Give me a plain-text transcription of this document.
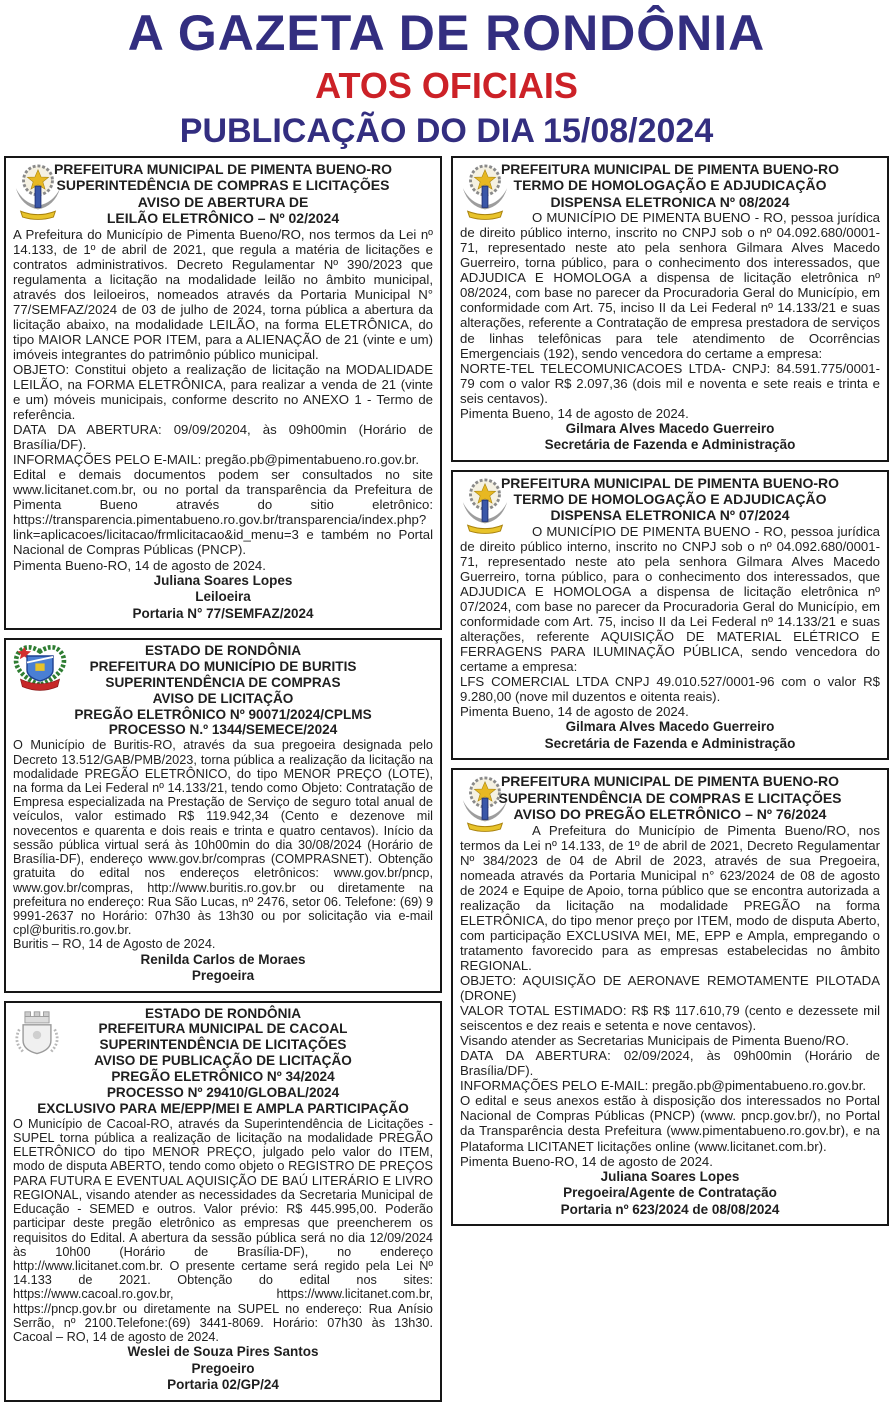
A GAZETA DE RONDÔNIA
ATOS OFICIAIS
PUBLICAÇÃO DO DIA 15/08/2024
PREFEITURA MUNICIPAL DE PIMENTA BUENO-RO
SUPERINTEDÊNCIA DE COMPRAS E LICITAÇÕES
AVISO DE ABERTURA DE
LEILÃO ELETRÔNICO – Nº 02/2024

A Prefeitura do Município de Pimenta Bueno/RO, nos termos da Lei nº 14.133, de 1º de abril de 2021, que regula a matéria de licitações e contratos administrativos. Decreto Regulamentar Nº 390/2023 que regulamenta a licitação na modalidade leilão no âmbito municipal, através dos leiloeiros, nomeados através da Portaria Municipal N° 77/SEMFAZ/2024 de 03 de julho de 2024, torna pública a abertura da licitação abaixo, na modalidade LEILÃO, na forma ELETRÔNICA, do tipo MAIOR LANCE POR ITEM, para a ALIENAÇÃO de 21 (vinte e um) imóveis integrantes do patrimônio público municipal.

OBJETO: Constitui objeto a realização de licitação na MODALIDADE LEILÃO, na FORMA ELETRÔNICA, para realizar a venda de 21 (vinte e um) móveis municipais, conforme descrito no ANEXO 1 - Termo de referência.

DATA DA ABERTURA: 09/09/20204, às 09h00min (Horário de Brasília/DF).

INFORMAÇÕES PELO E-MAIL: pregão.pb@pimentabueno.ro.gov.br.

Edital e demais documentos podem ser consultados no site www.licitanet.com.br, ou no portal da transparência da Prefeitura de Pimenta Bueno através do sitio eletrônico: https://transparencia.pimentabueno.ro.gov.br/transparencia/index.php?link=aplicacoes/licitacao/frmlicitacao&id_menu=3 e também no Portal Nacional de Compras Públicas (PNCP).

Pimenta Bueno-RO, 14 de agosto de 2024.

Juliana Soares Lopes
Leiloeira
Portaria N° 77/SEMFAZ/2024
ESTADO DE RONDÔNIA
PREFEITURA DO MUNICÍPIO DE BURITIS
SUPERINTENDÊNCIA DE COMPRAS
AVISO DE LICITAÇÃO
PREGÃO ELETRÔNICO Nº 90071/2024/CPLMS
PROCESSO N.º 1344/SEMECE/2024

O Município de Buritis-RO, através da sua pregoeira designada pelo Decreto 13.512/GAB/PMB/2023, torna pública a realização da licitação na modalidade PREGÃO ELETRÔNICO, do tipo MENOR PREÇO (LOTE), na forma da Lei Federal nº 14.133/21, tendo como Objeto: Contratação de Empresa especializada na Prestação de Serviço de seguro total anual de veículos, valor estimado R$ 119.942,34 (Cento e dezenove mil novecentos e quarenta e dois reais e trinta e quatro centavos). Início da sessão pública virtual será às 10h00min do dia 30/08/2024 (Horário de Brasília-DF), endereço www.gov.br/compras (COMPRASNET). Obtenção gratuita do edital nos endereços eletrônicos: www.gov.br/pncp, www.gov.br/compras, http://www.buritis.ro.gov.br ou diretamente na prefeitura no endereço: Rua São Lucas, nº 2476, setor 06. Telefone: (69) 9 9991-2637 no Horário: 07h30 às 13h30 ou por solicitação via e-mail cpl@buritis.ro.gov.br.

Buritis – RO, 14 de Agosto de 2024.

Renilda Carlos de Moraes
Pregoeira
ESTADO DE RONDÔNIA
PREFEITURA MUNICIPAL DE CACOAL
SUPERINTENDÊNCIA DE LICITAÇÕES
AVISO DE PUBLICAÇÃO DE LICITAÇÃO
PREGÃO ELETRÔNICO Nº 34/2024
PROCESSO Nº 29410/GLOBAL/2024
EXCLUSIVO PARA ME/EPP/MEI E AMPLA PARTICIPAÇÃO

O Município de Cacoal-RO, através da Superintendência de Licitações - SUPEL torna pública a realização de licitação na modalidade PREGÃO ELETRÔNICO do tipo MENOR PREÇO, julgado pelo valor do ITEM, modo de disputa ABERTO, tendo como objeto o REGISTRO DE PREÇOS PARA FUTURA E EVENTUAL AQUISIÇÃO DE BAÚ LITERÁRIO E LIVRO REGIONAL, visando atender as necessidades da Secretaria Municipal de Educação - SEMED e outros. Valor prévio: R$ 445.995,00. Poderão participar deste pregão eletrônico as empresas que preencherem os requisitos do Edital. A abertura da sessão pública será no dia 12/09/2024 às 10h00 (Horário de Brasília-DF), no endereço http://www.licitanet.com.br. O presente certame será regido pela Lei Nº 14.133 de 2021. Obtenção do edital nos sites: https://www.cacoal.ro.gov.br, https://www.licitanet.com.br, https://pncp.gov.br ou diretamente na SUPEL no endereço: Rua Anísio Serrão, nº 2100.Telefone:(69) 3441-8069. Horário: 07h30 às 13h30. Cacoal – RO, 14 de agosto de 2024.

Weslei de Souza Pires Santos
Pregoeiro
Portaria 02/GP/24
PREFEITURA MUNICIPAL DE PIMENTA BUENO-RO
TERMO DE HOMOLOGAÇÃO E ADJUDICAÇÃO
DISPENSA ELETRONICA Nº 08/2024

O MUNICÍPIO DE PIMENTA BUENO - RO, pessoa jurídica de direito público interno, inscrito no CNPJ sob o nº 04.092.680/0001-71, representado neste ato pela senhora Gilmara Alves Macedo Guerreiro, torna público, para o conhecimento dos interessados, que ADJUDICA E HOMOLOGA a dispensa de licitação eletrônica nº 08/2024, com base no parecer da Procuradoria Geral do Município, em conformidade com Art. 75, inciso II da Lei Federal nº 14.133/21 e suas alterações, referente a Contratação de empresa prestadora de serviços de linhas telefônicas para tele atendimento de Ocorrências Emergenciais (192), sendo vencedora do certame a empresa:

NORTE-TEL TELECOMUNICACOES LTDA- CNPJ: 84.591.775/0001-79 com o valor R$ 2.097,36 (dois mil e noventa e sete reais e trinta e seis centavos).

Pimenta Bueno, 14 de agosto de 2024.

Gilmara Alves Macedo Guerreiro
Secretária de Fazenda e Administração
PREFEITURA MUNICIPAL DE PIMENTA BUENO-RO
TERMO DE HOMOLOGAÇÃO E ADJUDICAÇÃO
DISPENSA ELETRONICA Nº 07/2024

O MUNICÍPIO DE PIMENTA BUENO - RO, pessoa jurídica de direito público interno, inscrito no CNPJ sob o nº 04.092.680/0001-71, representado neste ato pela senhora Gilmara Alves Macedo Guerreiro, torna público, para o conhecimento dos interessados, que ADJUDICA E HOMOLOGA a dispensa de licitação eletrônica nº 07/2024, com base no parecer da Procuradoria Geral do Município, em conformidade com Art. 75, inciso II da Lei Federal nº 14.133/21 e suas alterações, referente AQUISIÇÃO DE MATERIAL ELÉTRICO E FERRAGENS PARA ILUMINAÇÃO PÚBLICA, sendo vencedora do certame a empresa:

LFS COMERCIAL LTDA CNPJ 49.010.527/0001-96 com o valor R$ 9.280,00 (nove mil duzentos e oitenta reais).

Pimenta Bueno, 14 de agosto de 2024.

Gilmara Alves Macedo Guerreiro
Secretária de Fazenda e Administração
PREFEITURA MUNICIPAL DE PIMENTA BUENO-RO
SUPERINTENDÊNCIA DE COMPRAS E LICITAÇÕES
AVISO DO PREGÃO ELETRÔNICO – Nº 76/2024

A Prefeitura do Município de Pimenta Bueno/RO, nos termos da Lei nº 14.133, de 1º de abril de 2021, Decreto Regulamentar Nº 384/2023 de 04 de Abril de 2023, através de sua Pregoeira, nomeada através da Portaria Municipal n° 623/2024 de 08 de agosto de 2024 e Equipe de Apoio, torna público que se encontra autorizada a realização da licitação na modalidade PREGÃO na forma ELETRÔNICA, do tipo menor preço por ITEM, modo de disputa Aberto, com participação EXCLUSIVA MEI, ME, EPP e Ampla, empregando o tratamento favorecido para as empresas estabelecidas no âmbito REGIONAL.

OBJETO: AQUISIÇÃO DE AERONAVE REMOTAMENTE PILOTADA (DRONE)

VALOR TOTAL ESTIMADO: R$ R$ 117.610,79 (cento e dezessete mil seiscentos e dez reais e setenta e nove centavos).

Visando atender as Secretarias Municipais de Pimenta Bueno/RO.

DATA DA ABERTURA: 02/09/2024, às 09h00min (Horário de Brasília/DF).

INFORMAÇÕES PELO E-MAIL: pregão.pb@pimentabueno.ro.gov.br.

O edital e seus anexos estão à disposição dos interessados no Portal Nacional de Compras Públicas (PNCP) (www. pncp.gov.br/), no Portal da Transparência desta Prefeitura (www.pimentabueno.ro.gov.br), e na Plataforma LICITANET licitações online (www.licitanet.com.br).

Pimenta Bueno-RO, 14 de agosto de 2024.

Juliana Soares Lopes
Pregoeira/Agente de Contratação
Portaria nº 623/2024 de 08/08/2024
